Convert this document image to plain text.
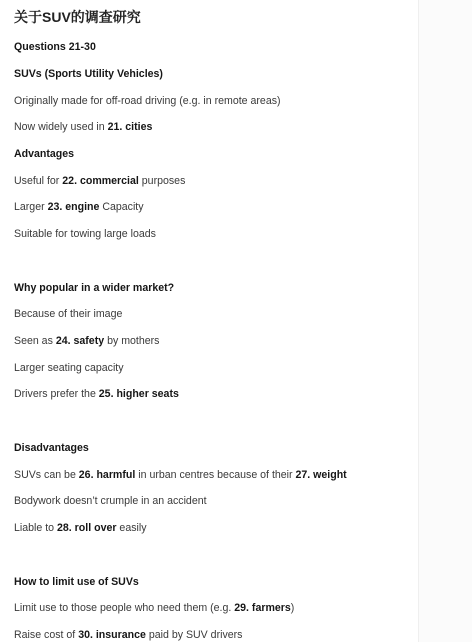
关于SUV的调查研究
Questions 21-30
SUVs (Sports Utility Vehicles)
Originally made for off-road driving (e.g. in remote areas)
Now widely used in 21. cities
Advantages
Useful for 22. commercial purposes
Larger 23. engine Capacity
Suitable for towing large loads
Why popular in a wider market?
Because of their image
Seen as 24. safety by mothers
Larger seating capacity
Drivers prefer the 25. higher seats
Disadvantages
SUVs can be 26. harmful in urban centres because of their 27. weight
Bodywork doesn’t crumple in an accident
Liable to 28. roll over easily
How to limit use of SUVs
Limit use to those people who need them (e.g. 29. farmers)
Raise cost of 30. insurance paid by SUV drivers
